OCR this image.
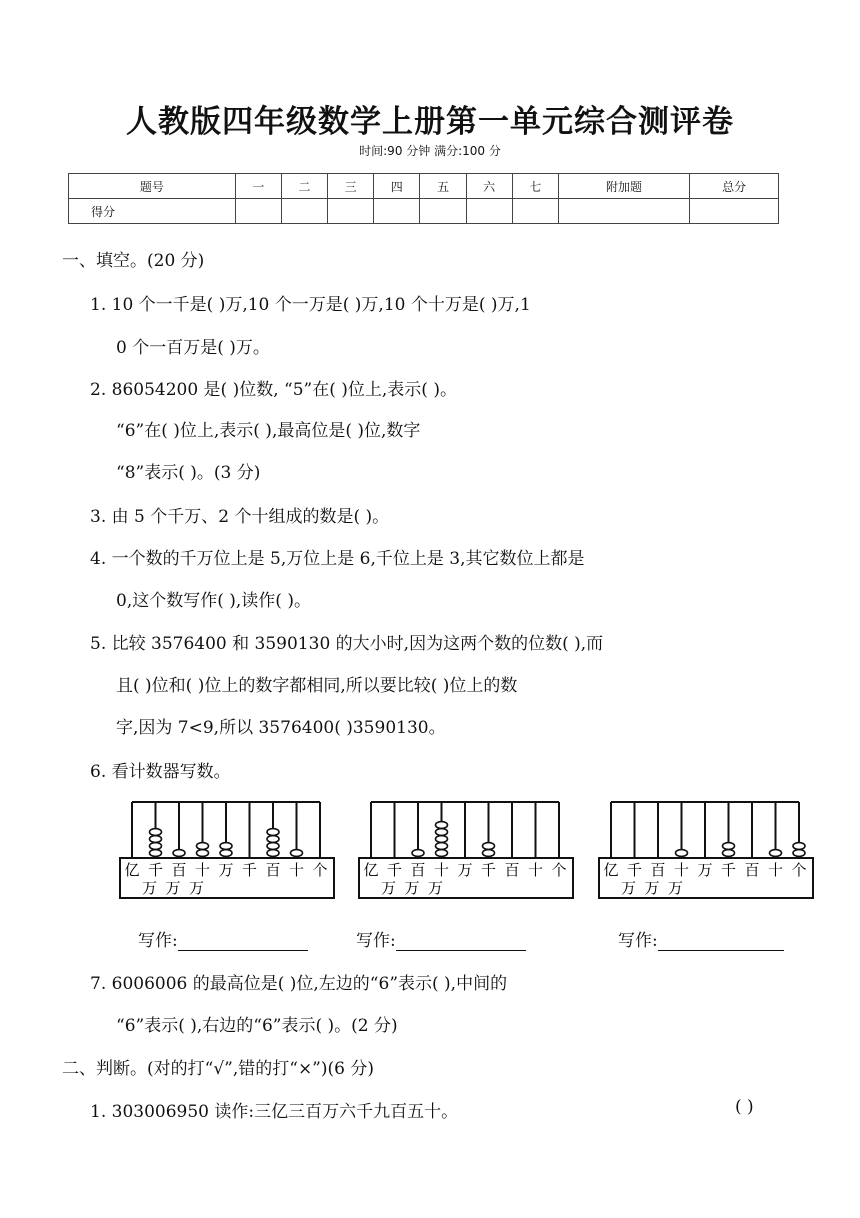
人教版四年级数学上册第一单元综合测评卷
时间:90 分钟 满分:100 分
题号	一	二	三	四	五	六	七	附加题	总分
得分									
一、填空。(20 分)
1. 10 个一千是( )万,10 个一万是( )万,10 个十万是( )万,1
0 个一百万是( )万。
2. 86054200 是( )位数, “5”在( )位上,表示( )。
“6”在( )位上,表示( ),最高位是( )位,数字
“8”表示( )。(3 分)
3. 由 5 个千万、2 个十组成的数是( )。
4. 一个数的千万位上是 5,万位上是 6,千位上是 3,其它数位上都是
0,这个数写作( ),读作( )。
5. 比较 3576400 和 3590130 的大小时,因为这两个数的位数( ),而
且( )位和( )位上的数字都相同,所以要比较( )位上的数
字,因为 7<9,所以 3576400( )3590130。
6. 看计数器写数。
亿 千
万
百
万
十
万
万 千 百 十 个 亿 千
万
百
万
十
万
万 千 百 十 个 亿 千
万
百
万
十
万
万 千 百 十 个
写作:	写作:	写作:
7. 6006006 的最高位是( )位,左边的“6”表示( ),中间的
“6”表示( ),右边的“6”表示( )。(2 分)
二、判断。(对的打“√”,错的打“×”)(6 分)
1. 303006950 读作:三亿三百万六千九百五十。	( )
